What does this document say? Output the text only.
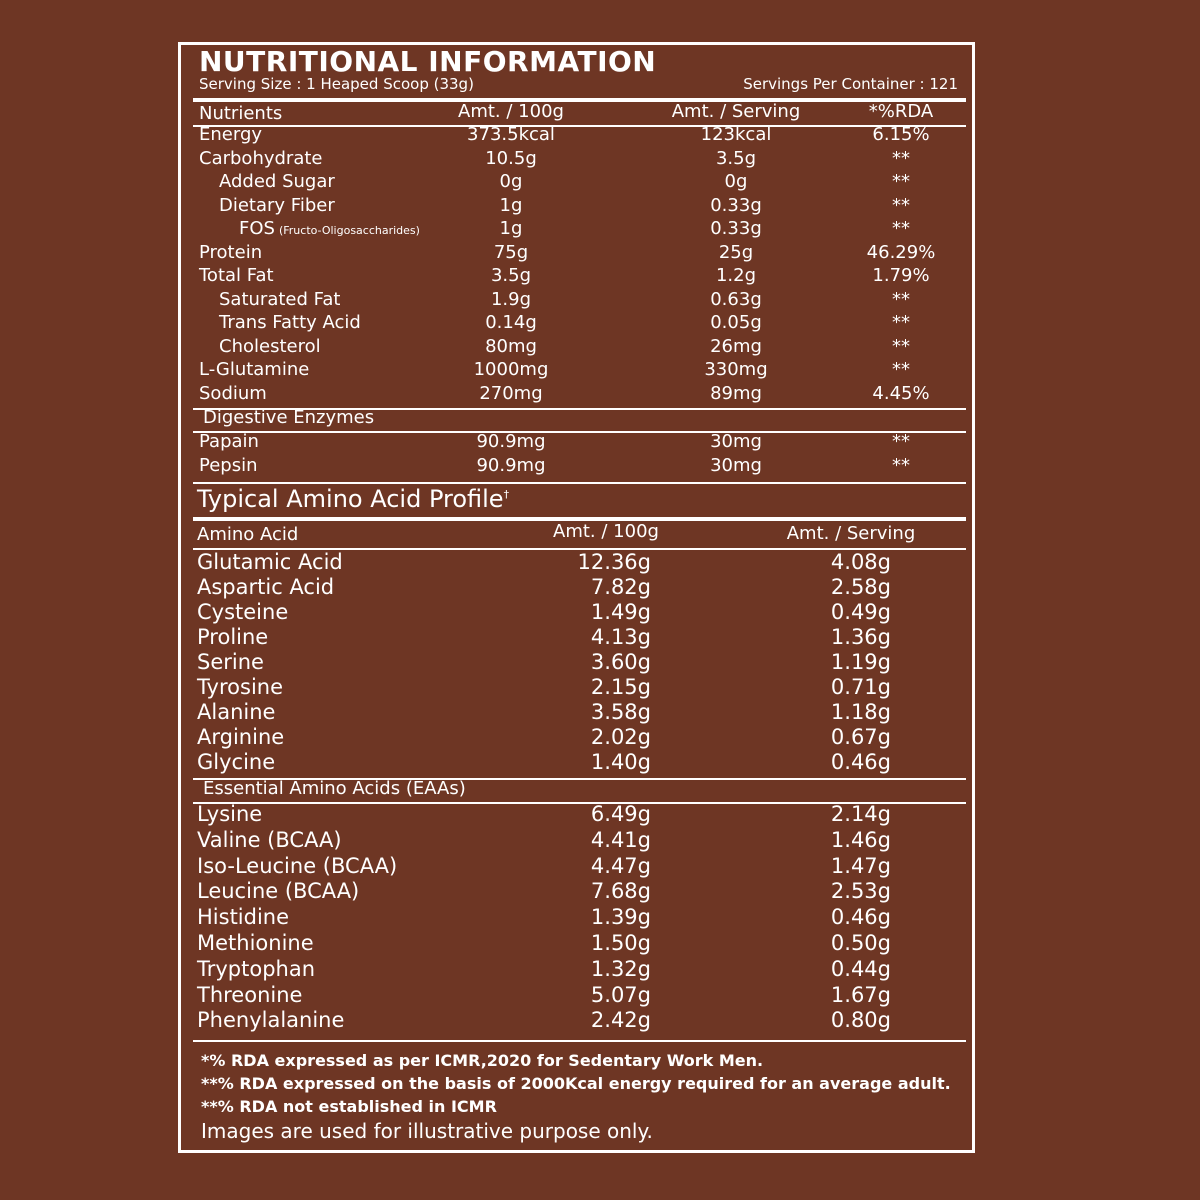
NUTRITIONAL INFORMATION
Serving Size : 1 Heaped Scoop (33g)	Servings Per Container : 121
Nutrients	Amt. / 100g	Amt. / Serving	*%RDA
Energy	373.5kcal	123kcal	6.15%
Carbohydrate	10.5g	3.5g	**
Added Sugar	0g	0g	**
Dietary Fiber	1g	0.33g	**
FOS (Fructo-Oligosaccharides)	1g	0.33g	**
Protein	75g	25g	46.29%
Total Fat	3.5g	1.2g	1.79%
Saturated Fat	1.9g	0.63g	**
Trans Fatty Acid	0.14g	0.05g	**
Cholesterol	80mg	26mg	**
L-Glutamine	1000mg	330mg	**
Sodium	270mg	89mg	4.45%
Digestive Enzymes
Papain	90.9mg	30mg	**
Pepsin	90.9mg	30mg	**
Typical Amino Acid Profile†
Amino Acid	Amt. / 100g	Amt. / Serving
Glutamic Acid	12.36g	4.08g
Aspartic Acid	7.82g	2.58g
Cysteine	1.49g	0.49g
Proline	4.13g	1.36g
Serine	3.60g	1.19g
Tyrosine	2.15g	0.71g
Alanine	3.58g	1.18g
Arginine	2.02g	0.67g
Glycine	1.40g	0.46g
Essential Amino Acids (EAAs)
Lysine	6.49g	2.14g
Valine (BCAA)	4.41g	1.46g
Iso-Leucine (BCAA)	4.47g	1.47g
Leucine (BCAA)	7.68g	2.53g
Histidine	1.39g	0.46g
Methionine	1.50g	0.50g
Tryptophan	1.32g	0.44g
Threonine	5.07g	1.67g
Phenylalanine	2.42g	0.80g
*% RDA expressed as per ICMR,2020 for Sedentary Work Men.
**% RDA expressed on the basis of 2000Kcal energy required for an average adult.
**% RDA not established in ICMR
Images are used for illustrative purpose only.
